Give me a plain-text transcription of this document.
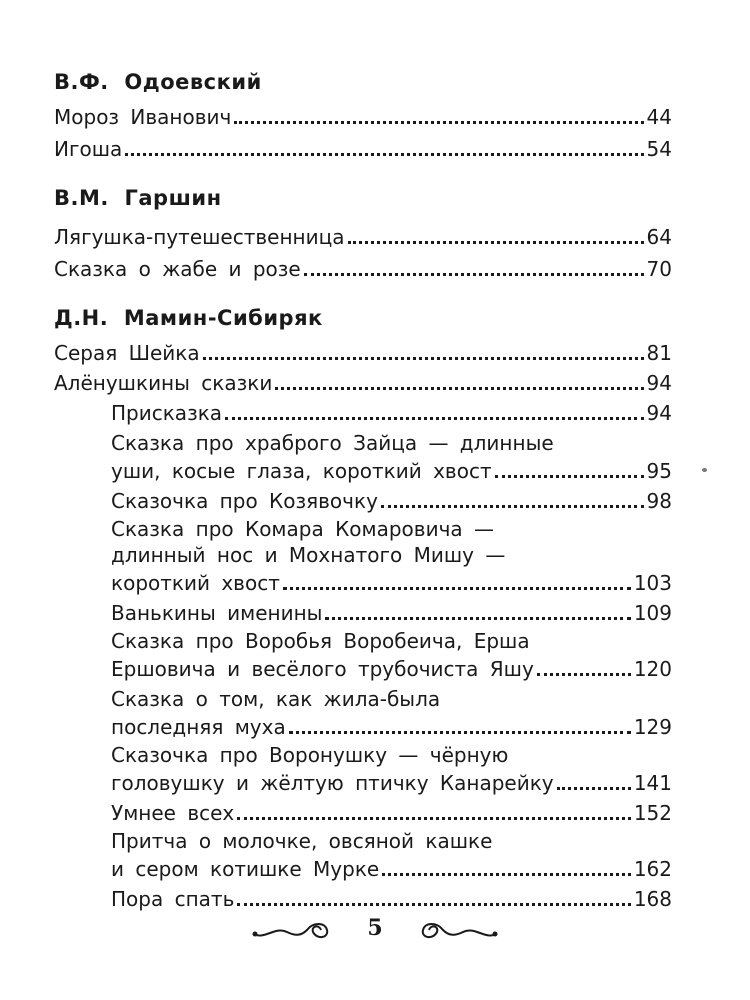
В.Ф.  Одоевский
Мороз Иванович	44
Игоша	54
В.М.  Гаршин
Лягушка-путешественница	64
Сказка о жабе и розе	70
Д.Н.  Мамин-Сибиряк
Серая Шейка	81
Алёнушкины сказки	94
Присказка	94
Сказка про храброго Зайца — длинные
уши, косые глаза, короткий хвост	95
Сказочка про Козявочку	98
Сказка про Комара Комаровича —
длинный нос и Мохнатого Мишу —
короткий хвост	103
Ванькины именины	109
Сказка про Воробья Воробеича, Ерша
Ершовича и весёлого трубочиста Яшу	120
Сказка о том, как жила-была
последняя муха	129
Сказочка про Воронушку — чёрную
головушку и жёлтую птичку Канарейку	141
Умнее всех	152
Притча о молочке, овсяной кашке
и сером котишке Мурке	162
Пора спать	168
5
